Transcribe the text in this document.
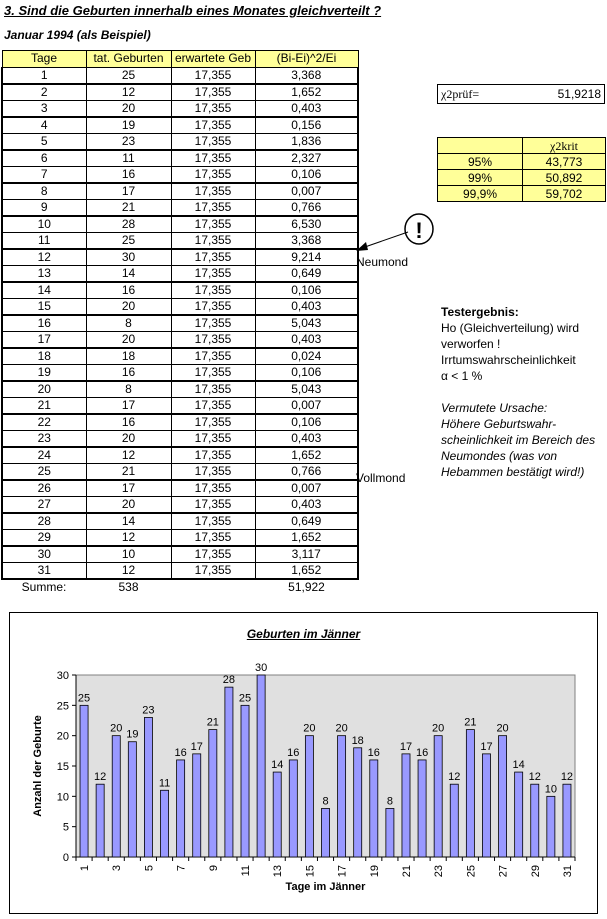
3. Sind die Geburten innerhalb eines Monates gleichverteilt ?
Januar 1994 (als Beispiel)
Tage	tat. Geburten	erwartete Geb	(Bi-Ei)^2/Ei
1	25	17,355	3,368
2	12	17,355	1,652
3	20	17,355	0,403
4	19	17,355	0,156
5	23	17,355	1,836
6	11	17,355	2,327
7	16	17,355	0,106
8	17	17,355	0,007
9	21	17,355	0,766
10	28	17,355	6,530
11	25	17,355	3,368
12	30	17,355	9,214
13	14	17,355	0,649
14	16	17,355	0,106
15	20	17,355	0,403
16	8	17,355	5,043
17	20	17,355	0,403
18	18	17,355	0,024
19	16	17,355	0,106
20	8	17,355	5,043
21	17	17,355	0,007
22	16	17,355	0,106
23	20	17,355	0,403
24	12	17,355	1,652
25	21	17,355	0,766
26	17	17,355	0,007
27	20	17,355	0,403
28	14	17,355	0,649
29	12	17,355	1,652
30	10	17,355	3,117
31	12	17,355	1,652
Summe:	538		51,922
χ2prüf=	51,9218
	χ2krit
95%	43,773
99%	50,892
99,9%	59,702
!
Neumond
Vollmond
Testergebnis:
Ho (Gleichverteilung) wird verworfen !
Irrtumswahrscheinlichkeit
α < 1 %
Vermutete Ursache:
Höhere Geburtswahr-scheinlichkeit im Bereich des Neumondes (was von Hebammen bestätigt wird!)
Geburten im Jänner
0
5
10
15
20
25
30
25
12
20
19
23
11
16
17
21
28
25
30
14
16
20
8
20
18
16
8
17
16
20
12
21
17
20
14
12
10
12
1 3 5 7 9 11 13 15 17 19 21 23 25 27 29 31
Tage im Jänner
Anzahl der Geburte
